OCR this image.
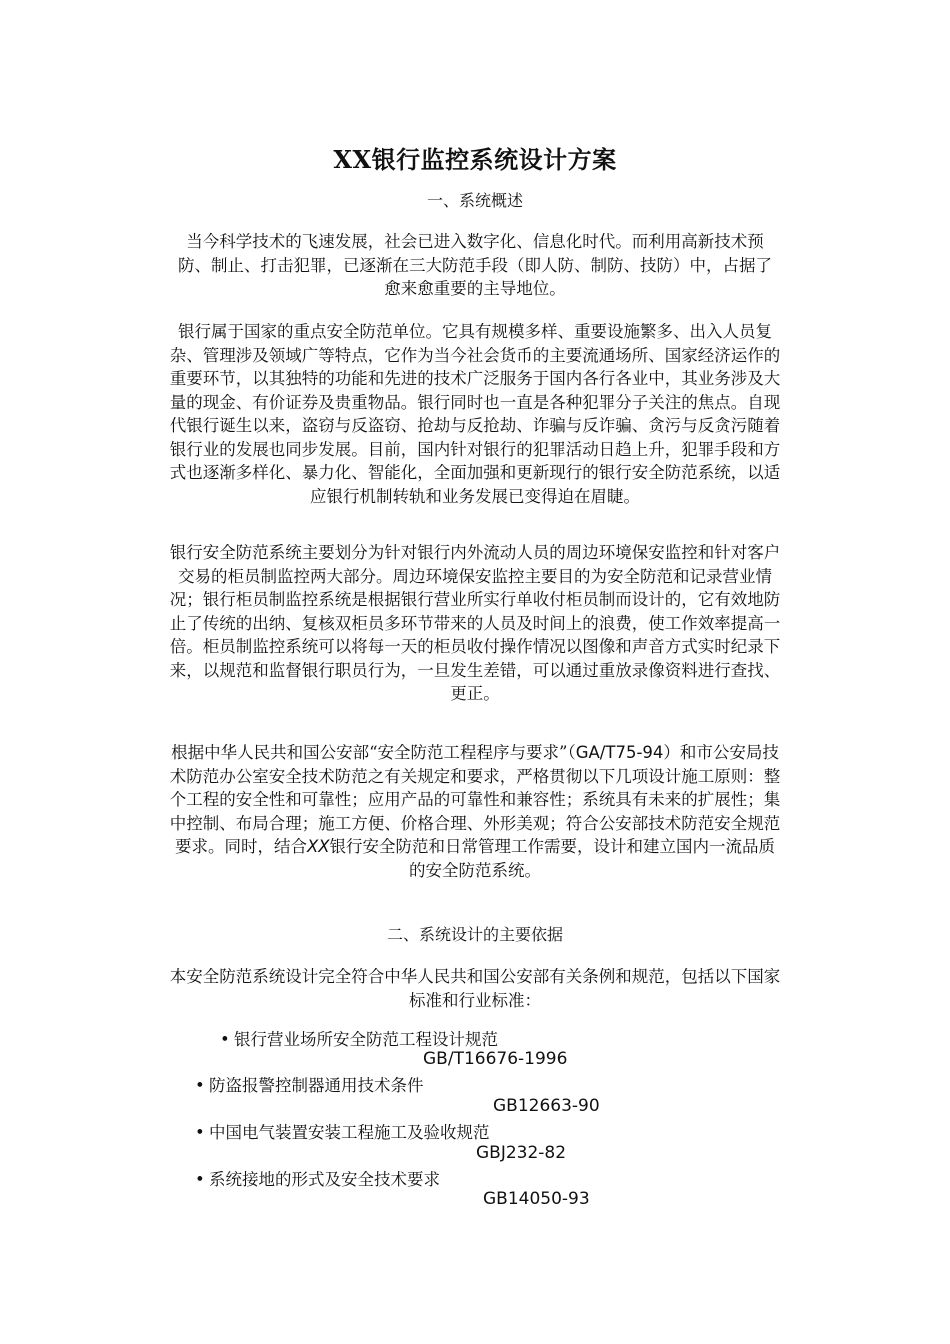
XX银行监控系统设计方案
一、系统概述
当今科学技术的飞速发展，社会已进入数字化、信息化时代。而利用高新技术预防、制止、打击犯罪，已逐渐在三大防范手段（即人防、制防、技防）中，占据了愈来愈重要的主导地位。
银行属于国家的重点安全防范单位。它具有规模多样、重要设施繁多、出入人员复杂、管理涉及领域广等特点，它作为当今社会货币的主要流通场所、国家经济运作的重要环节，以其独特的功能和先进的技术广泛服务于国内各行各业中，其业务涉及大量的现金、有价证券及贵重物品。银行同时也一直是各种犯罪分子关注的焦点。自现代银行诞生以来，盗窃与反盗窃、抢劫与反抢劫、诈骗与反诈骗、贪污与反贪污随着银行业的发展也同步发展。目前，国内针对银行的犯罪活动日趋上升，犯罪手段和方式也逐渐多样化、暴力化、智能化，全面加强和更新现行的银行安全防范系统，以适应银行机制转轨和业务发展已变得迫在眉睫。
银行安全防范系统主要划分为针对银行内外流动人员的周边环境保安监控和针对客户交易的柜员制监控两大部分。周边环境保安监控主要目的为安全防范和记录营业情况；银行柜员制监控系统是根据银行营业所实行单收付柜员制而设计的，它有效地防止了传统的出纳、复核双柜员多环节带来的人员及时间上的浪费，使工作效率提高一倍。柜员制监控系统可以将每一天的柜员收付操作情况以图像和声音方式实时纪录下来，以规范和监督银行职员行为，一旦发生差错，可以通过重放录像资料进行查找、更正。
根据中华人民共和国公安部“安全防范工程程序与要求”（GA/T75-94）和市公安局技术防范办公室安全技术防范之有关规定和要求，严格贯彻以下几项设计施工原则：整个工程的安全性和可靠性；应用产品的可靠性和兼容性；系统具有未来的扩展性；集中控制、布局合理；施工方便、价格合理、外形美观；符合公安部技术防范安全规范要求。同时，结合XX银行安全防范和日常管理工作需要，设计和建立国内一流品质的安全防范系统。
二、系统设计的主要依据
本安全防范系统设计完全符合中华人民共和国公安部有关条例和规范，包括以下国家标准和行业标准：
• 银行营业场所安全防范工程设计规范
GB/T16676-1996
• 防盗报警控制器通用技术条件
GB12663-90
• 中国电气装置安装工程施工及验收规范
GBJ232-82
• 系统接地的形式及安全技术要求
GB14050-93
